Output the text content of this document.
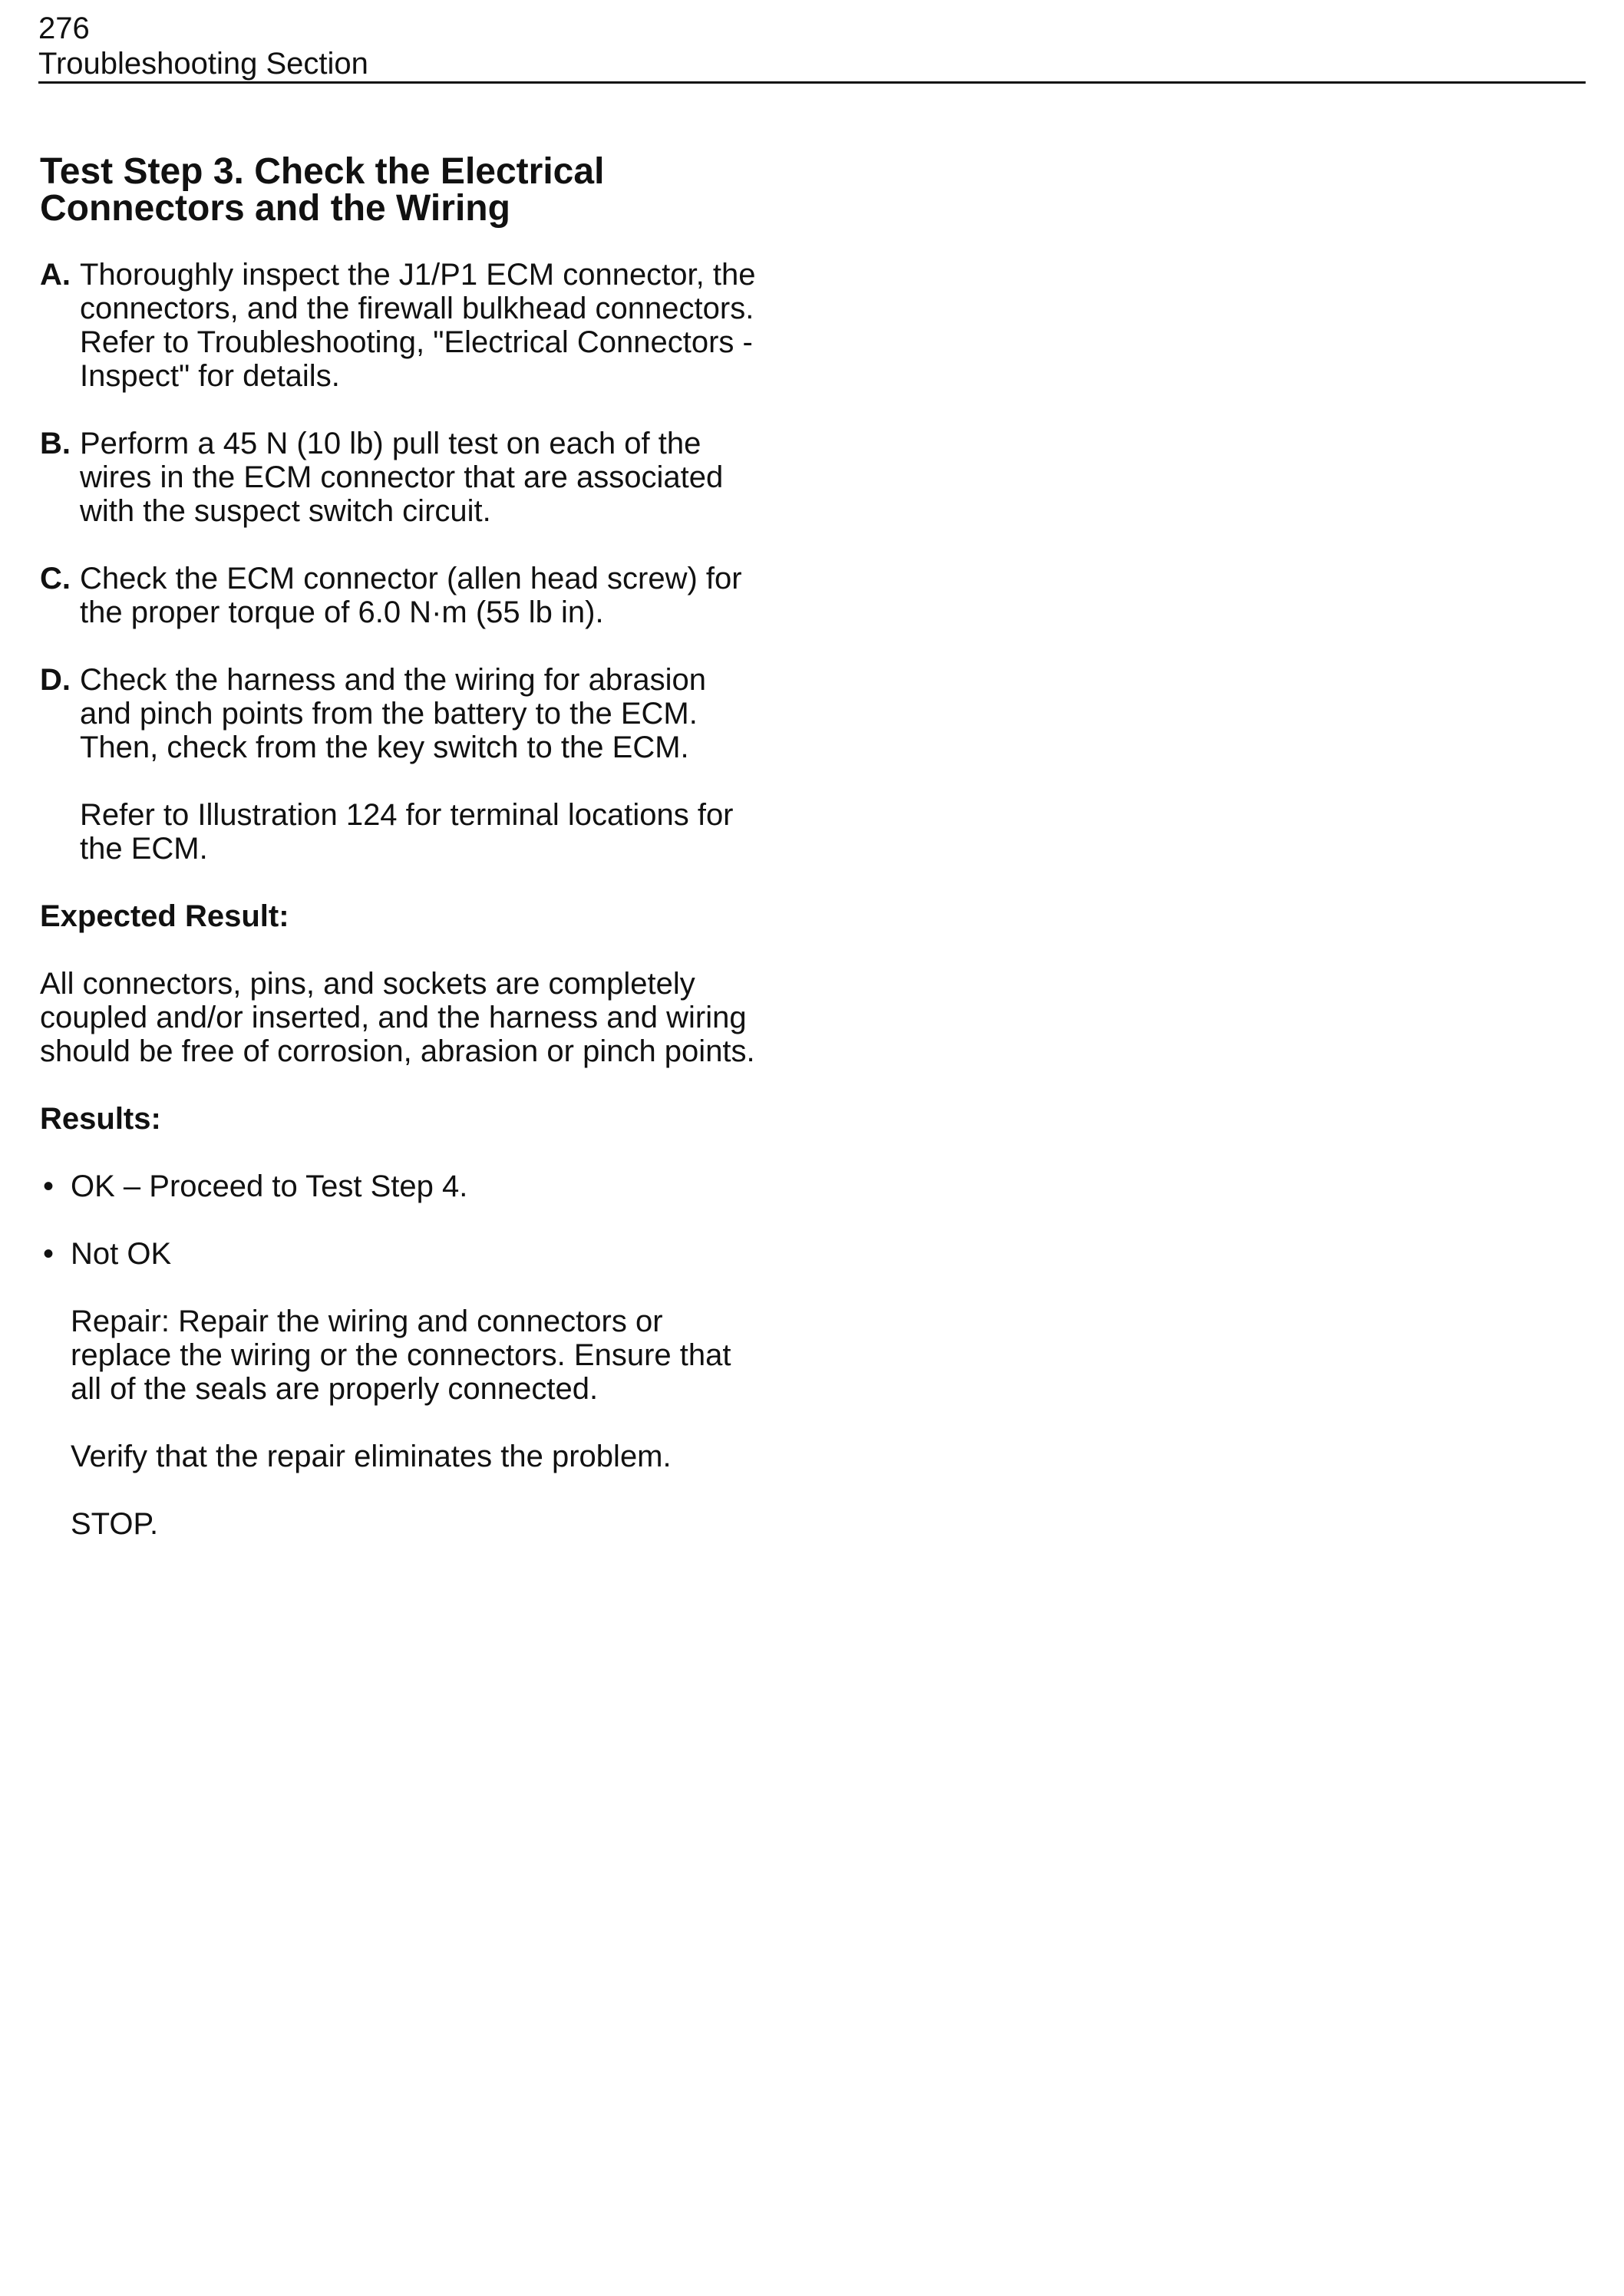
276
Troubleshooting Section
Test Step 3. Check the Electrical Connectors and the Wiring
A. Thoroughly inspect the J1/P1 ECM connector, the connectors, and the firewall bulkhead connectors. Refer to Troubleshooting, "Electrical Connectors - Inspect" for details.
B. Perform a 45 N (10 lb) pull test on each of the wires in the ECM connector that are associated with the suspect switch circuit.
C. Check the ECM connector (allen head screw) for the proper torque of 6.0 N·m (55 lb in).
D. Check the harness and the wiring for abrasion and pinch points from the battery to the ECM. Then, check from the key switch to the ECM.

Refer to Illustration 124 for terminal locations for the ECM.

Expected Result:

All connectors, pins, and sockets are completely coupled and/or inserted, and the harness and wiring should be free of corrosion, abrasion or pinch points.

Results:

• OK – Proceed to Test Step 4.
• Not OK

Repair: Repair the wiring and connectors or replace the wiring or the connectors. Ensure that all of the seals are properly connected.

Verify that the repair eliminates the problem.

STOP.
